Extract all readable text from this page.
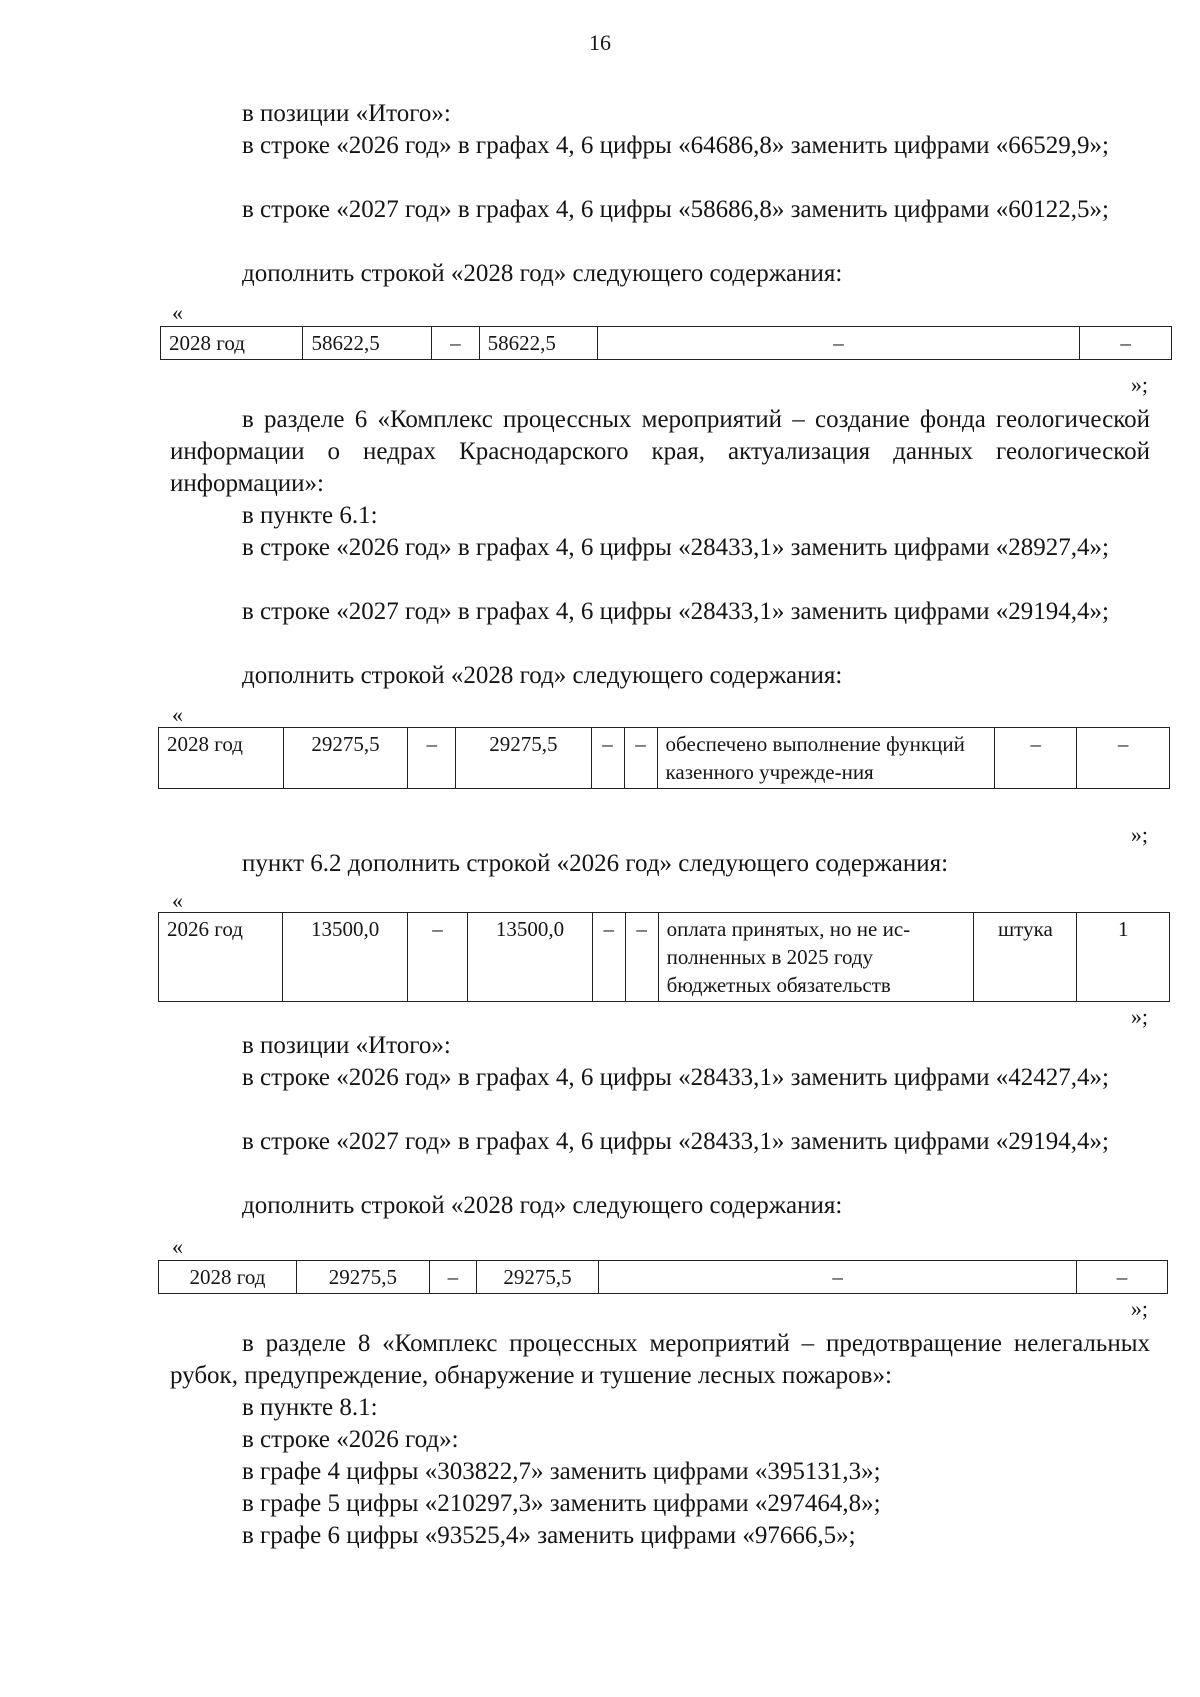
16
в позиции «Итого»:
в строке «2026 год» в графах 4, 6 цифры «64686,8» заменить цифрами «66529,9»;
в строке «2027 год» в графах 4, 6 цифры «58686,8» заменить цифрами «60122,5»;
дополнить строкой «2028 год» следующего содержания:
«
2028 год	58622,5	–	58622,5	–	–
»;
в разделе 6 «Комплекс процессных мероприятий – создание фонда геологической информации о недрах Краснодарского края, актуализация данных геологической информации»:
в пункте 6.1:
в строке «2026 год» в графах 4, 6 цифры «28433,1» заменить цифрами «28927,4»;
в строке «2027 год» в графах 4, 6 цифры «28433,1» заменить цифрами «29194,4»;
дополнить строкой «2028 год» следующего содержания:
«
2028 год	29275,5	–	29275,5	–	–	обеспечено выполнение функций казенного учрежде-ния	–	–
»;
пункт 6.2 дополнить строкой «2026 год» следующего содержания:
«
2026 год	13500,0	–	13500,0	–	–	оплата принятых, но не ис-полненных в 2025 году бюджетных обязательств	штука	1
»;
в позиции «Итого»:
в строке «2026 год» в графах 4, 6 цифры «28433,1» заменить цифрами «42427,4»;
в строке «2027 год» в графах 4, 6 цифры «28433,1» заменить цифрами «29194,4»;
дополнить строкой «2028 год» следующего содержания:
«
2028 год	29275,5	–	29275,5	–	–
»;
в разделе 8 «Комплекс процессных мероприятий – предотвращение нелегальных рубок, предупреждение, обнаружение и тушение лесных пожаров»:
в пункте 8.1:
в строке «2026 год»:
в графе 4 цифры «303822,7» заменить цифрами «395131,3»;
в графе 5 цифры «210297,3» заменить цифрами «297464,8»;
в графе 6 цифры «93525,4» заменить цифрами «97666,5»;
